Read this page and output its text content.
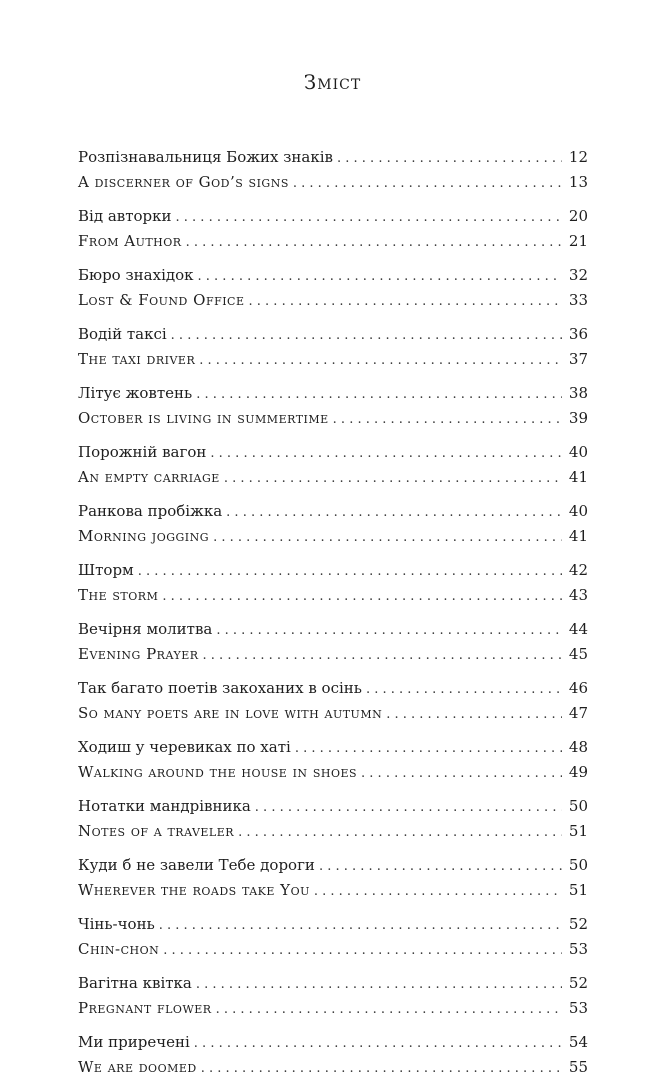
Зміст
Розпізнавальниця Божих знаків . . .	12
A discerner of God’s signs . . .	13
Від авторки . . .	20
From Author . . .	21
Бюро знахідок . . .	32
Lost & Found Office . . .	33
Водій таксі . . .	36
The taxi driver . . .	37
Літує жовтень . . .	38
October is living in summertime . . .	39
Порожній вагон . . .	40
An empty carriage . . .	41
Ранкова пробіжка . . .	40
Morning jogging . . .	41
Шторм . . .	42
The storm . . .	43
Вечірня молитва . . .	44
Evening Prayer . . .	45
Так багато поетів закоханих в осінь . . .	46
So many poets are in love with autumn . . .	47
Ходиш у черевиках по хаті . . .	48
Walking around the house in shoes . . .	49
Нотатки мандрівника . . .	50
Notes of a traveler . . .	51
Куди б не завели Тебе дороги . . .	50
Wherever the roads take You . . .	51
Чінь-чонь . . .	52
Chin-chon . . .	53
Вагітна квітка . . .	52
Pregnant flower . . .	53
Ми приречені . . .	54
We are doomed . . .	55
